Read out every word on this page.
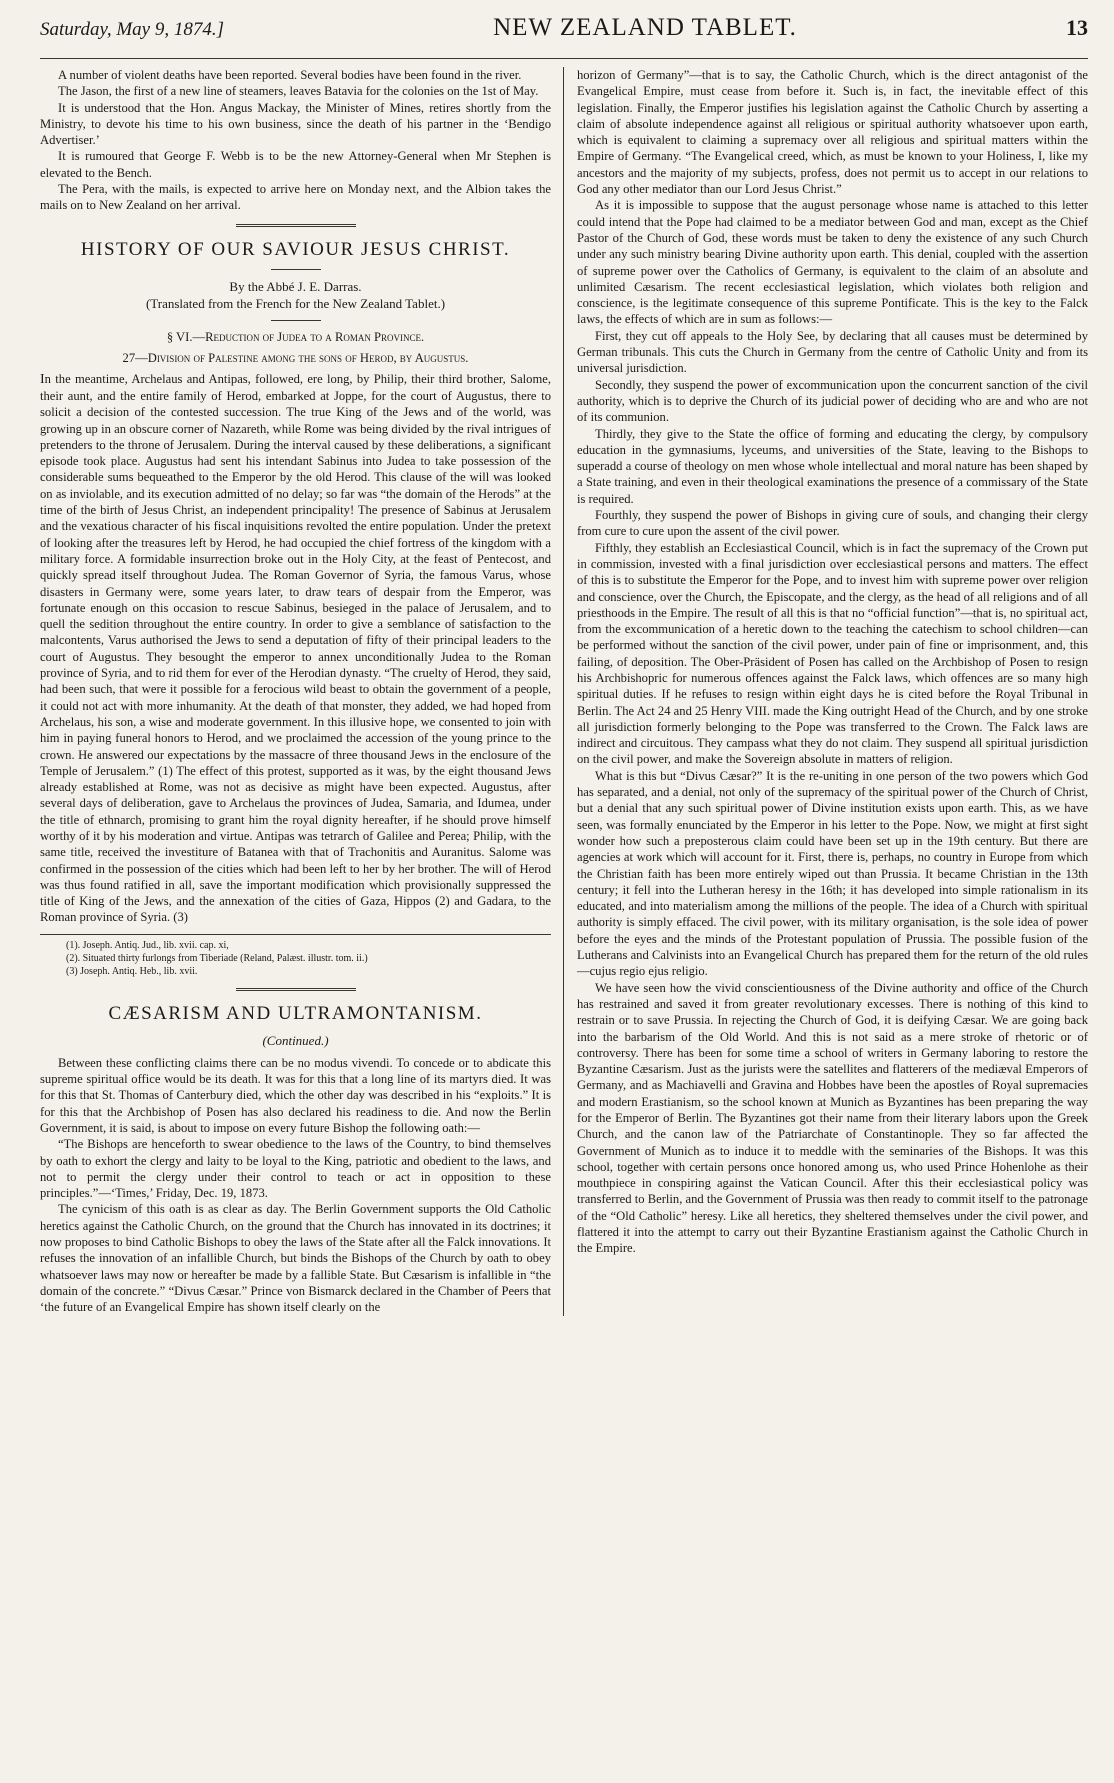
Saturday, May 9, 1874.]	NEW ZEALAND TABLET.	13

A number of violent deaths have been reported. Several bodies have been found in the river.

The Jason, the first of a new line of steamers, leaves Batavia for the colonies on the 1st of May.

It is understood that the Hon. Angus Mackay, the Minister of Mines, retires shortly from the Ministry, to devote his time to his own business, since the death of his partner in the ‘Bendigo Advertiser.’

It is rumoured that George F. Webb is to be the new Attorney-General when Mr Stephen is elevated to the Bench.

The Pera, with the mails, is expected to arrive here on Monday next, and the Albion takes the mails on to New Zealand on her arrival.

HISTORY OF OUR SAVIOUR JESUS CHRIST.
By the Abbé J. E. Darras.
(Translated from the French for the New Zealand Tablet.)
§ VI.—Reduction of Judea to a Roman Province.
27—Division of Palestine among the sons of Herod, by Augustus.

In the meantime, Archelaus and Antipas, followed, ere long, by Philip, their third brother, Salome, their aunt, and the entire family of Herod, embarked at Joppe, for the court of Augustus, there to solicit a decision of the contested succession. The true King of the Jews and of the world, was growing up in an obscure corner of Nazareth, while Rome was being divided by the rival intrigues of pretenders to the throne of Jerusalem. During the interval caused by these deliberations, a significant episode took place. Augustus had sent his intendant Sabinus into Judea to take possession of the considerable sums bequeathed to the Emperor by the old Herod. This clause of the will was looked on as inviolable, and its execution admitted of no delay; so far was “the domain of the Herods” at the time of the birth of Jesus Christ, an independent principality! The presence of Sabinus at Jerusalem and the vexatious character of his fiscal inquisitions revolted the entire population. Under the pretext of looking after the treasures left by Herod, he had occupied the chief fortress of the kingdom with a military force. A formidable insurrection broke out in the Holy City, at the feast of Pentecost, and quickly spread itself throughout Judea. The Roman Governor of Syria, the famous Varus, whose disasters in Germany were, some years later, to draw tears of despair from the Emperor, was fortunate enough on this occasion to rescue Sabinus, besieged in the palace of Jerusalem, and to quell the sedition throughout the entire country. In order to give a semblance of satisfaction to the malcontents, Varus authorised the Jews to send a deputation of fifty of their principal leaders to the court of Augustus. They besought the emperor to annex unconditionally Judea to the Roman province of Syria, and to rid them for ever of the Herodian dynasty. “The cruelty of Herod, they said, had been such, that were it possible for a ferocious wild beast to obtain the government of a people, it could not act with more inhumanity. At the death of that monster, they added, we had hoped from Archelaus, his son, a wise and moderate government. In this illusive hope, we consented to join with him in paying funeral honors to Herod, and we proclaimed the accession of the young prince to the crown. He answered our expectations by the massacre of three thousand Jews in the enclosure of the Temple of Jerusalem.” (1) The effect of this protest, supported as it was, by the eight thousand Jews already established at Rome, was not as decisive as might have been expected. Augustus, after several days of deliberation, gave to Archelaus the provinces of Judea, Samaria, and Idumea, under the title of ethnarch, promising to grant him the royal dignity hereafter, if he should prove himself worthy of it by his moderation and virtue. Antipas was tetrarch of Galilee and Perea; Philip, with the same title, received the investiture of Batanea with that of Trachonitis and Auranitus. Salome was confirmed in the possession of the cities which had been left to her by her brother. The will of Herod was thus found ratified in all, save the important modification which provisionally suppressed the title of King of the Jews, and the annexation of the cities of Gaza, Hippos (2) and Gadara, to the Roman province of Syria. (3)

(1). Joseph. Antiq. Jud., lib. xvii. cap. xi,
(2). Situated thirty furlongs from Tiberiade (Reland, Palæst. illustr. tom. ii.)
(3) Joseph. Antiq. Heb., lib. xvii.
CÆSARISM AND ULTRAMONTANISM.
(Continued.)

Between these conflicting claims there can be no modus vivendi. To concede or to abdicate this supreme spiritual office would be its death. It was for this that a long line of its martyrs died. It was for this that St. Thomas of Canterbury died, which the other day was described in his “exploits.” It is for this that the Archbishop of Posen has also declared his readiness to die. And now the Berlin Government, it is said, is about to impose on every future Bishop the following oath:—

“The Bishops are henceforth to swear obedience to the laws of the Country, to bind themselves by oath to exhort the clergy and laity to be loyal to the King, patriotic and obedient to the laws, and not to permit the clergy under their control to teach or act in opposition to these principles.”—‘Times,’ Friday, Dec. 19, 1873.

The cynicism of this oath is as clear as day. The Berlin Government supports the Old Catholic heretics against the Catholic Church, on the ground that the Church has innovated in its doctrines; it now proposes to bind Catholic Bishops to obey the laws of the State after all the Falck innovations. It refuses the innovation of an infallible Church, but binds the Bishops of the Church by oath to obey whatsoever laws may now or hereafter be made by a fallible State. But Cæsarism is infallible in “the domain of the concrete.” “Divus Cæsar.” Prince von Bismarck declared in the Chamber of Peers that ‘the future of an Evangelical Empire has shown itself clearly on the

horizon of Germany”—that is to say, the Catholic Church, which is the direct antagonist of the Evangelical Empire, must cease from before it. Such is, in fact, the inevitable effect of this legislation. Finally, the Emperor justifies his legislation against the Catholic Church by asserting a claim of absolute independence against all religious or spiritual authority whatsoever upon earth, which is equivalent to claiming a supremacy over all religious and spiritual matters within the Empire of Germany. “The Evangelical creed, which, as must be known to your Holiness, I, like my ancestors and the majority of my subjects, profess, does not permit us to accept in our relations to God any other mediator than our Lord Jesus Christ.”

As it is impossible to suppose that the august personage whose name is attached to this letter could intend that the Pope had claimed to be a mediator between God and man, except as the Chief Pastor of the Church of God, these words must be taken to deny the existence of any such Church under any such ministry bearing Divine authority upon earth. This denial, coupled with the assertion of supreme power over the Catholics of Germany, is equivalent to the claim of an absolute and unlimited Cæsarism. The recent ecclesiastical legislation, which violates both religion and conscience, is the legitimate consequence of this supreme Pontificate. This is the key to the Falck laws, the effects of which are in sum as follows:—

First, they cut off appeals to the Holy See, by declaring that all causes must be determined by German tribunals. This cuts the Church in Germany from the centre of Catholic Unity and from its universal jurisdiction.

Secondly, they suspend the power of excommunication upon the concurrent sanction of the civil authority, which is to deprive the Church of its judicial power of deciding who are and who are not of its communion.

Thirdly, they give to the State the office of forming and educating the clergy, by compulsory education in the gymnasiums, lyceums, and universities of the State, leaving to the Bishops to superadd a course of theology on men whose whole intellectual and moral nature has been shaped by a State training, and even in their theological examinations the presence of a commissary of the State is required.

Fourthly, they suspend the power of Bishops in giving cure of souls, and changing their clergy from cure to cure upon the assent of the civil power.

Fifthly, they establish an Ecclesiastical Council, which is in fact the supremacy of the Crown put in commission, invested with a final jurisdiction over ecclesiastical persons and matters. The effect of this is to substitute the Emperor for the Pope, and to invest him with supreme power over religion and conscience, over the Church, the Episcopate, and the clergy, as the head of all religions and of all priesthoods in the Empire. The result of all this is that no “official function”—that is, no spiritual act, from the excommunication of a heretic down to the teaching the catechism to school children—can be performed without the sanction of the civil power, under pain of fine or imprisonment, and, this failing, of deposition. The Ober-Präsident of Posen has called on the Archbishop of Posen to resign his Archbishopric for numerous offences against the Falck laws, which offences are so many high spiritual duties. If he refuses to resign within eight days he is cited before the Royal Tribunal in Berlin. The Act 24 and 25 Henry VIII. made the King outright Head of the Church, and by one stroke all jurisdiction formerly belonging to the Pope was transferred to the Crown. The Falck laws are indirect and circuitous. They campass what they do not claim. They suspend all spiritual jurisdiction on the civil power, and make the Sovereign absolute in matters of religion.

What is this but “Divus Cæsar?” It is the re-uniting in one person of the two powers which God has separated, and a denial, not only of the supremacy of the spiritual power of the Church of Christ, but a denial that any such spiritual power of Divine institution exists upon earth. This, as we have seen, was formally enunciated by the Emperor in his letter to the Pope. Now, we might at first sight wonder how such a preposterous claim could have been set up in the 19th century. But there are agencies at work which will account for it. First, there is, perhaps, no country in Europe from which the Christian faith has been more entirely wiped out than Prussia. It became Christian in the 13th century; it fell into the Lutheran heresy in the 16th; it has developed into simple rationalism in its educated, and into materialism among the millions of the people. The idea of a Church with spiritual authority is simply effaced. The civil power, with its military organisation, is the sole idea of power before the eyes and the minds of the Protestant population of Prussia. The possible fusion of the Lutherans and Calvinists into an Evangelical Church has prepared them for the return of the old rules—cujus regio ejus religio.

We have seen how the vivid conscientiousness of the Divine authority and office of the Church has restrained and saved it from greater revolutionary excesses. There is nothing of this kind to restrain or to save Prussia. In rejecting the Church of God, it is deifying Cæsar. We are going back into the barbarism of the Old World. And this is not said as a mere stroke of rhetoric or of controversy. There has been for some time a school of writers in Germany laboring to restore the Byzantine Cæsarism. Just as the jurists were the satellites and flatterers of the mediæval Emperors of Germany, and as Machiavelli and Gravina and Hobbes have been the apostles of Royal supremacies and modern Erastianism, so the school known at Munich as Byzantines has been preparing the way for the Emperor of Berlin. The Byzantines got their name from their literary labors upon the Greek Church, and the canon law of the Patriarchate of Constantinople. They so far affected the Government of Munich as to induce it to meddle with the seminaries of the Bishops. It was this school, together with certain persons once honored among us, who used Prince Hohenlohe as their mouthpiece in conspiring against the Vatican Council. After this their ecclesiastical policy was transferred to Berlin, and the Government of Prussia was then ready to commit itself to the patronage of the “Old Catholic” heresy. Like all heretics, they sheltered themselves under the civil power, and flattered it into the attempt to carry out their Byzantine Erastianism against the Catholic Church in the Empire.
